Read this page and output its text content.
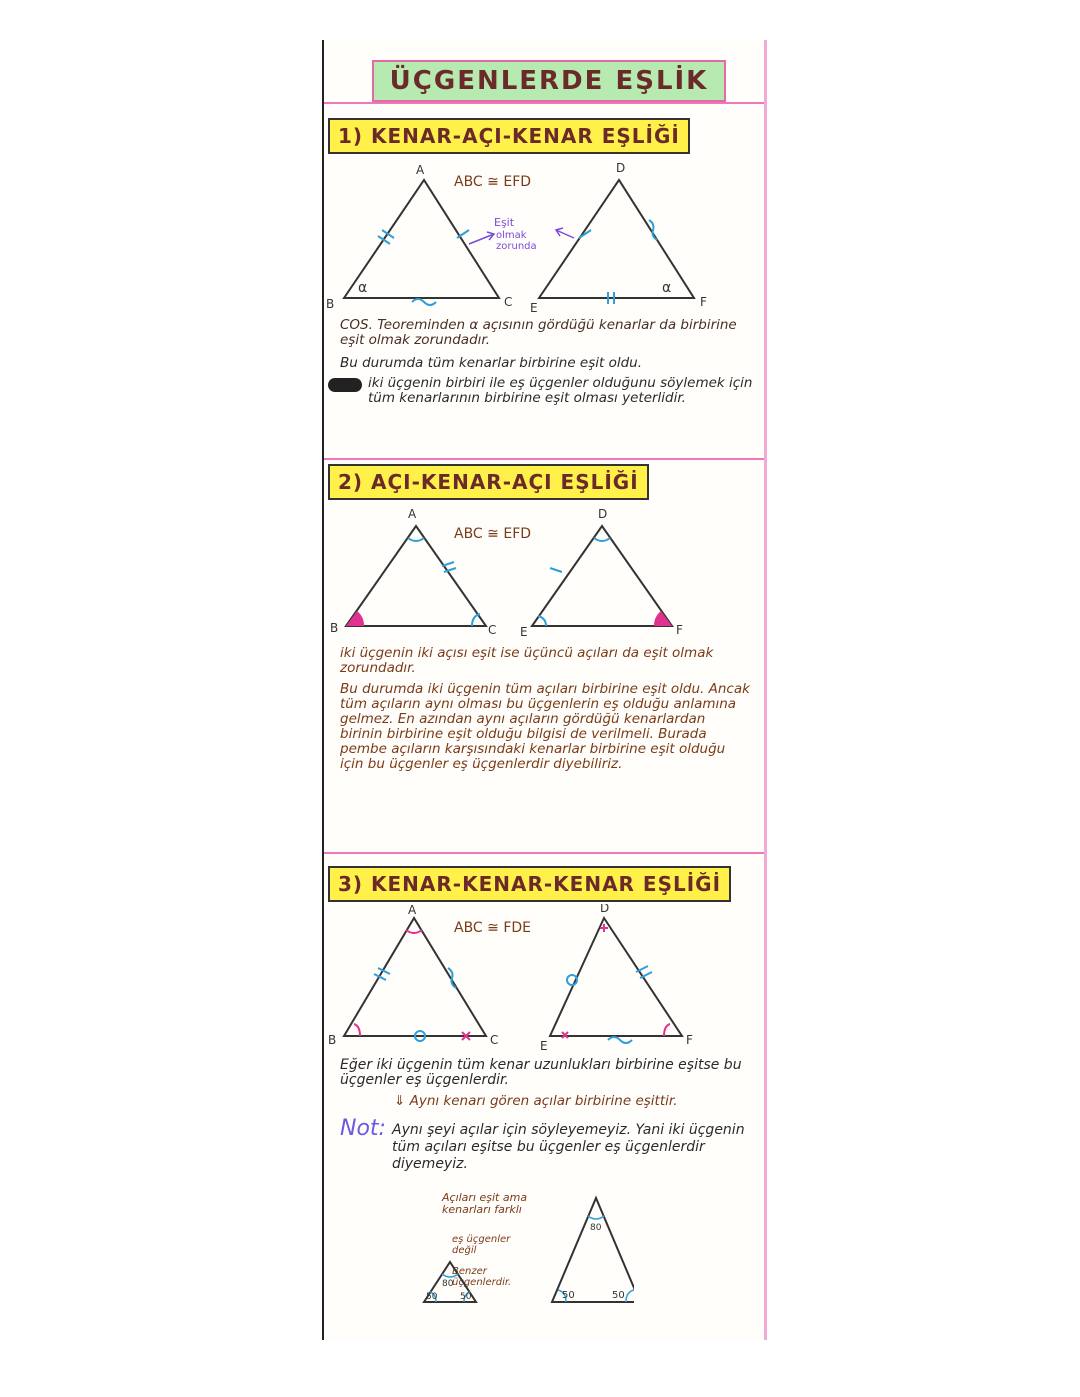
ÜÇGENLERDE EŞLİK
1) KENAR-AÇI-KENAR EŞLİĞİ
Eşit
olmak
zorunda
ABC ≅ EFD
A
B	C
D
E	F
α	α
COS. Teoreminden α açısının gördüğü kenarlar da birbirine eşit olmak zorundadır.
Bu durumda tüm kenarlar birbirine eşit oldu.
iki üçgenin birbiri ile eş üçgenler olduğunu söylemek için tüm kenarlarının birbirine eşit olması yeterlidir.
2) AÇI-KENAR-AÇI EŞLİĞİ
ABC ≅ EFD
A
B	C
D
E	F
iki üçgenin iki açısı eşit ise üçüncü açıları da eşit olmak zorundadır.
Bu durumda iki üçgenin tüm açıları birbirine eşit oldu. Ancak tüm açıların aynı olması bu üçgenlerin eş olduğu anlamına gelmez. En azından aynı açıların gördüğü kenarlardan birinin birbirine eşit olduğu bilgisi de verilmeli. Burada pembe açıların karşısındaki kenarlar birbirine eşit olduğu için bu üçgenler eş üçgenlerdir diyebiliriz.
3) KENAR-KENAR-KENAR EŞLİĞİ
ABC ≅ FDE
A
B	C
D
E	F
Eğer iki üçgenin tüm kenar uzunlukları birbirine eşitse bu üçgenler eş üçgenlerdir.
⇓ Aynı kenarı gören açılar birbirine eşittir.
Not: Aynı şeyi açılar için söyleyemeyiz. Yani iki üçgenin tüm açıları eşitse bu üçgenler eş üçgenlerdir diyemeyiz.
Açıları eşit ama kenarları farklı
eş üçgenler değil
Benzer üçgenlerdir.
80
50	50
80
50	50
